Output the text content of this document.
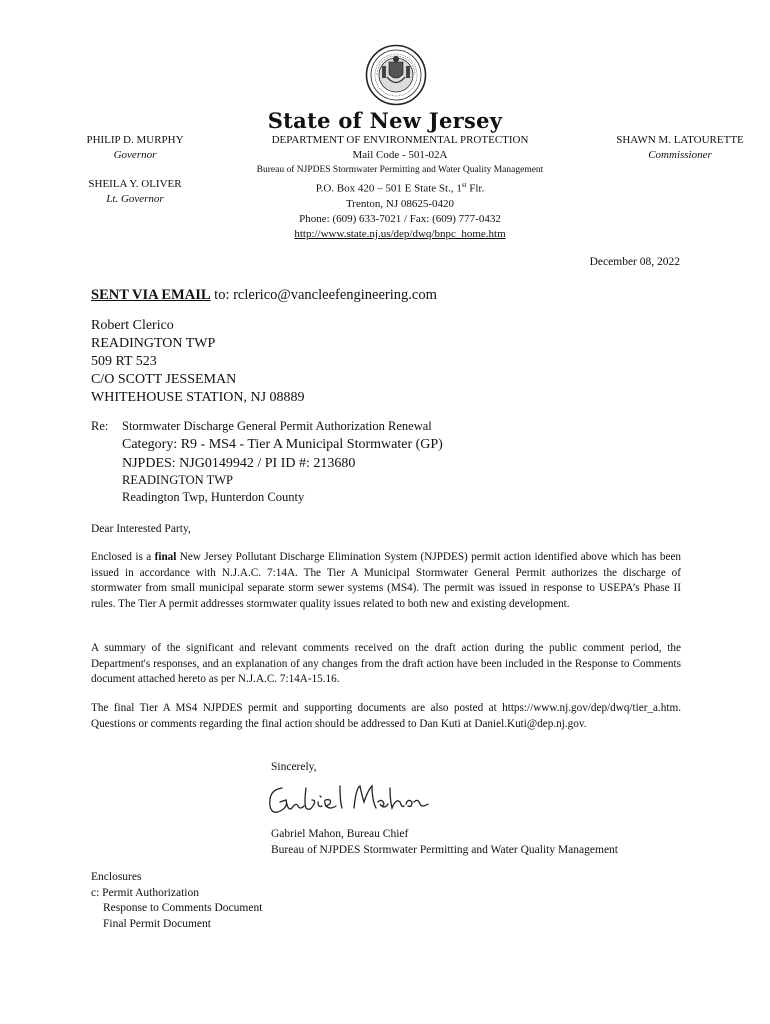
State of New Jersey
PHILIP D. MURPHY
Governor
SHEILA Y. OLIVER
Lt. Governor
DEPARTMENT OF ENVIRONMENTAL PROTECTION
Mail Code - 501-02A
Bureau of NJPDES Stormwater Permitting and Water Quality Management
P.O. Box 420 – 501 E State St., 1st Flr.
Trenton, NJ 08625-0420
Phone: (609) 633-7021 / Fax: (609) 777-0432
http://www.state.nj.us/dep/dwq/bnpc_home.htm
SHAWN M. LATOURETTE
Commissioner
December 08, 2022
SENT VIA EMAIL to: rclerico@vancleefengineering.com
Robert Clerico
READINGTON TWP
509 RT 523
C/O SCOTT JESSEMAN
WHITEHOUSE STATION, NJ 08889
Re: Stormwater Discharge General Permit Authorization Renewal
Category: R9 - MS4 - Tier A Municipal Stormwater (GP)
NJPDES: NJG0149942 / PI ID #: 213680
READINGTON TWP
Readington Twp, Hunterdon County
Dear Interested Party,
Enclosed is a final New Jersey Pollutant Discharge Elimination System (NJPDES) permit action identified above which has been issued in accordance with N.J.A.C. 7:14A. The Tier A Municipal Stormwater General Permit authorizes the discharge of stormwater from small municipal separate storm sewer systems (MS4). The permit was issued in response to USEPA’s Phase II rules. The Tier A permit addresses stormwater quality issues related to both new and existing development.
A summary of the significant and relevant comments received on the draft action during the public comment period, the Department's responses, and an explanation of any changes from the draft action have been included in the Response to Comments document attached hereto as per N.J.A.C. 7:14A-15.16.
The final Tier A MS4 NJPDES permit and supporting documents are also posted at https://www.nj.gov/dep/dwq/tier_a.htm. Questions or comments regarding the final action should be addressed to Dan Kuti at Daniel.Kuti@dep.nj.gov.
Sincerely,
Gabriel Mahon
Gabriel Mahon, Bureau Chief
Bureau of NJPDES Stormwater Permitting and Water Quality Management
Enclosures
c: Permit Authorization
Response to Comments Document
Final Permit Document
